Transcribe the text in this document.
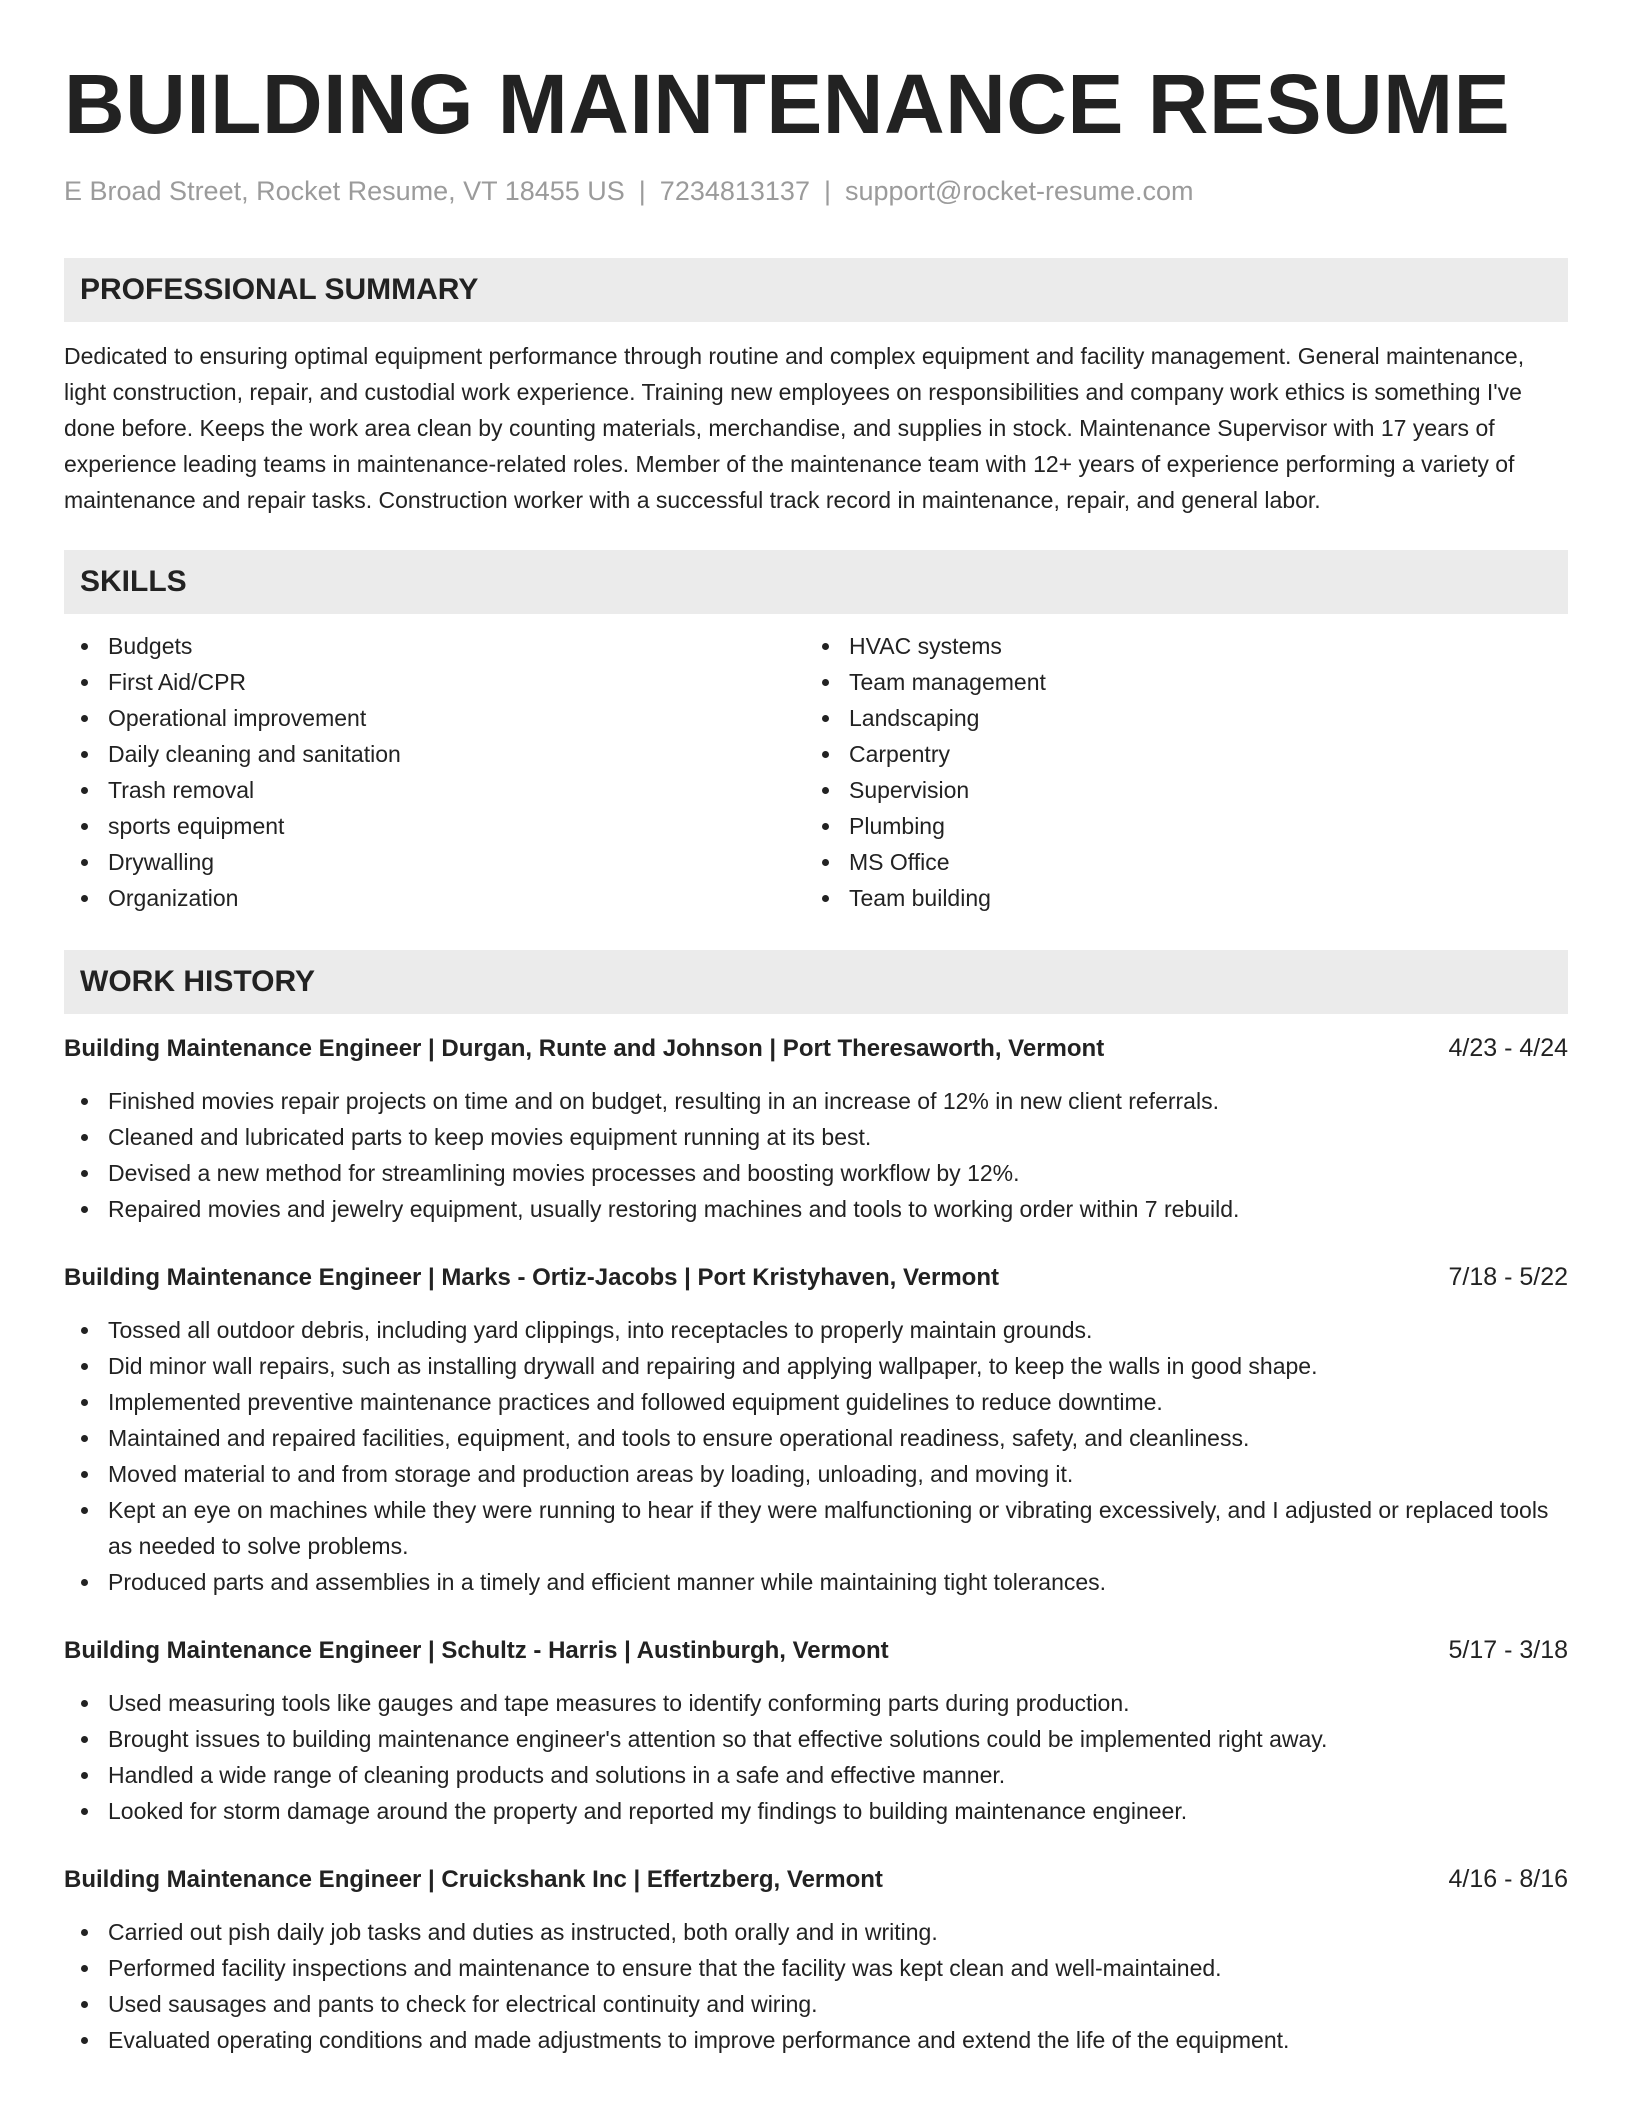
BUILDING MAINTENANCE RESUME
E Broad Street, Rocket Resume, VT 18455 US | 7234813137 | support@rocket-resume.com
PROFESSIONAL SUMMARY

Dedicated to ensuring optimal equipment performance through routine and complex equipment and facility management. General maintenance, light construction, repair, and custodial work experience. Training new employees on responsibilities and company work ethics is something I've done before. Keeps the work area clean by counting materials, merchandise, and supplies in stock. Maintenance Supervisor with 17 years of experience leading teams in maintenance-related roles. Member of the maintenance team with 12+ years of experience performing a variety of maintenance and repair tasks. Construction worker with a successful track record in maintenance, repair, and general labor.

SKILLS
Budgets
First Aid/CPR
Operational improvement
Daily cleaning and sanitation
Trash removal
sports equipment
Drywalling
Organization
HVAC systems
Team management
Landscaping
Carpentry
Supervision
Plumbing
MS Office
Team building
WORK HISTORY
Building Maintenance Engineer | Durgan, Runte and Johnson | Port Theresaworth, Vermont	4/23 - 4/24
Finished movies repair projects on time and on budget, resulting in an increase of 12% in new client referrals.
Cleaned and lubricated parts to keep movies equipment running at its best.
Devised a new method for streamlining movies processes and boosting workflow by 12%.
Repaired movies and jewelry equipment, usually restoring machines and tools to working order within 7 rebuild.
Building Maintenance Engineer | Marks - Ortiz-Jacobs | Port Kristyhaven, Vermont	7/18 - 5/22
Tossed all outdoor debris, including yard clippings, into receptacles to properly maintain grounds.
Did minor wall repairs, such as installing drywall and repairing and applying wallpaper, to keep the walls in good shape.
Implemented preventive maintenance practices and followed equipment guidelines to reduce downtime.
Maintained and repaired facilities, equipment, and tools to ensure operational readiness, safety, and cleanliness.
Moved material to and from storage and production areas by loading, unloading, and moving it.
Kept an eye on machines while they were running to hear if they were malfunctioning or vibrating excessively, and I adjusted or replaced tools as needed to solve problems.
Produced parts and assemblies in a timely and efficient manner while maintaining tight tolerances.
Building Maintenance Engineer | Schultz - Harris | Austinburgh, Vermont	5/17 - 3/18
Used measuring tools like gauges and tape measures to identify conforming parts during production.
Brought issues to building maintenance engineer's attention so that effective solutions could be implemented right away.
Handled a wide range of cleaning products and solutions in a safe and effective manner.
Looked for storm damage around the property and reported my findings to building maintenance engineer.
Building Maintenance Engineer | Cruickshank Inc | Effertzberg, Vermont	4/16 - 8/16
Carried out pish daily job tasks and duties as instructed, both orally and in writing.
Performed facility inspections and maintenance to ensure that the facility was kept clean and well-maintained.
Used sausages and pants to check for electrical continuity and wiring.
Evaluated operating conditions and made adjustments to improve performance and extend the life of the equipment.
